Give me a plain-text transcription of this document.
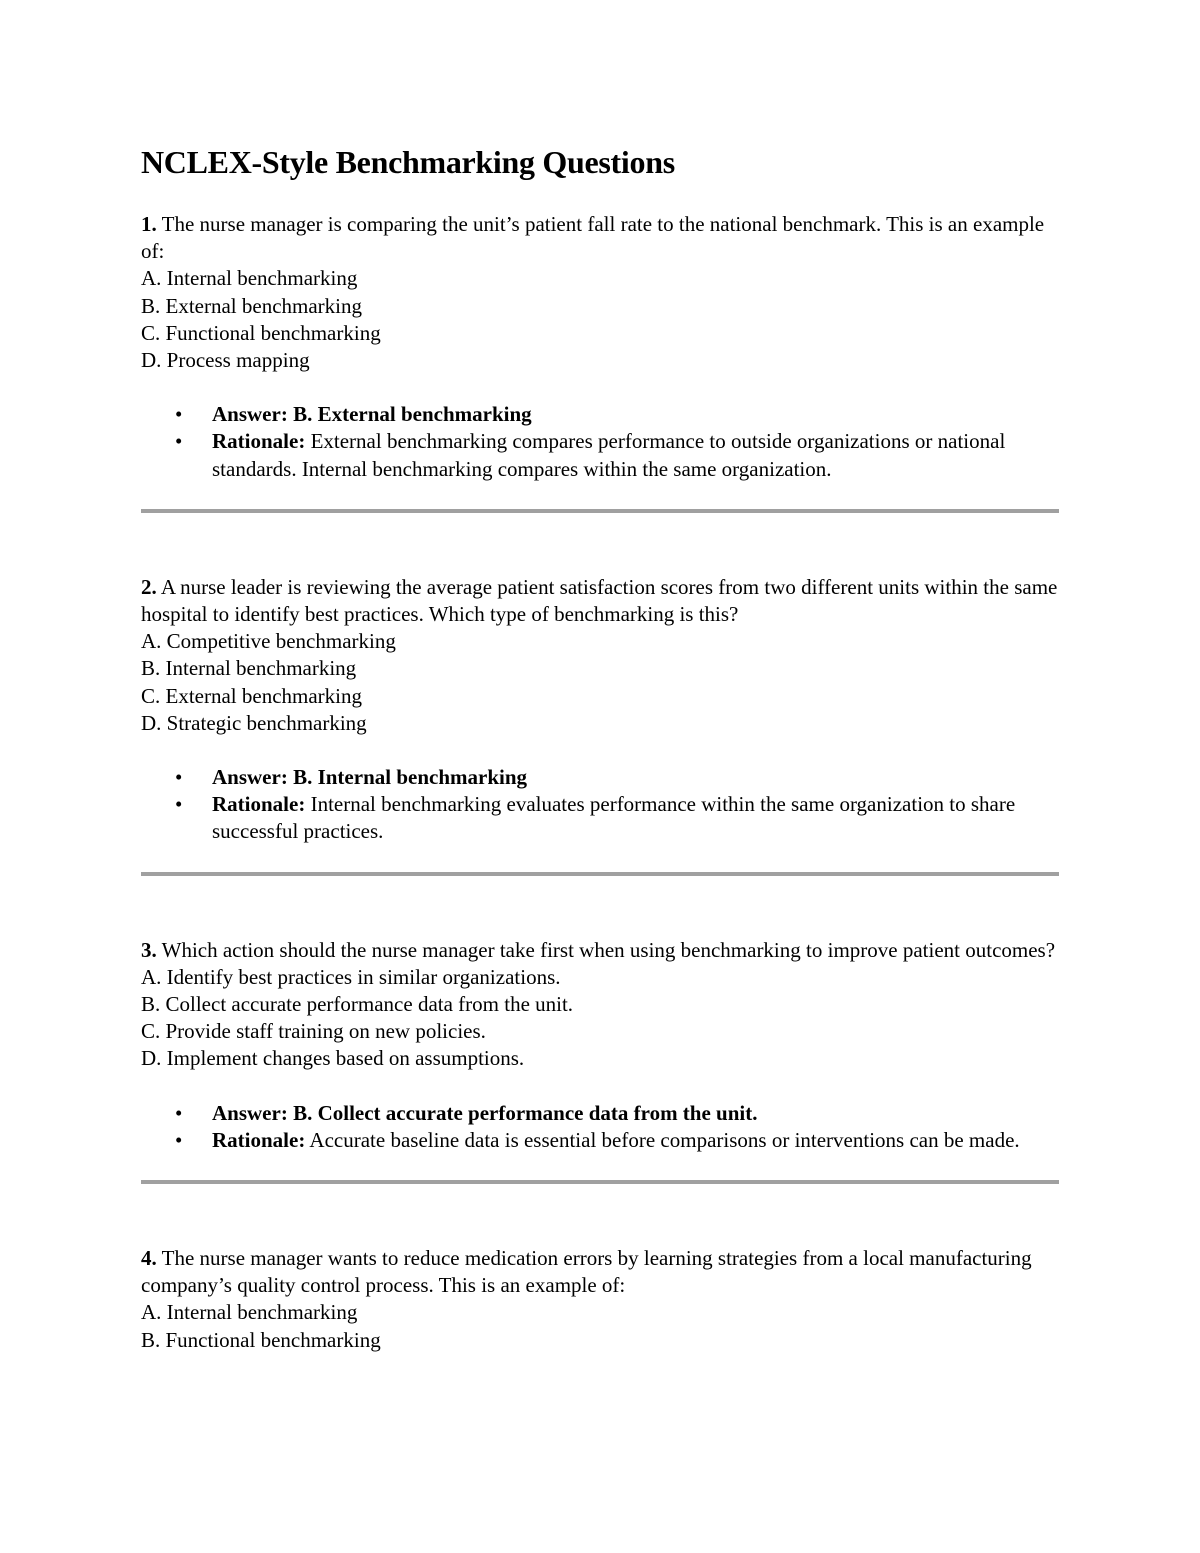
NCLEX-Style Benchmarking Questions

1. The nurse manager is comparing the unit’s patient fall rate to the national benchmark. This is an example of:

A. Internal benchmarking
B. External benchmarking
C. Functional benchmarking
D. Process mapping
• Answer: B. External benchmarking
• Rationale: External benchmarking compares performance to outside organizations or national standards. Internal benchmarking compares within the same organization.

2. A nurse leader is reviewing the average patient satisfaction scores from two different units within the same hospital to identify best practices. Which type of benchmarking is this?

A. Competitive benchmarking
B. Internal benchmarking
C. External benchmarking
D. Strategic benchmarking
• Answer: B. Internal benchmarking
• Rationale: Internal benchmarking evaluates performance within the same organization to share successful practices.

3. Which action should the nurse manager take first when using benchmarking to improve patient outcomes?

A. Identify best practices in similar organizations.
B. Collect accurate performance data from the unit.
C. Provide staff training on new policies.
D. Implement changes based on assumptions.
• Answer: B. Collect accurate performance data from the unit.
• Rationale: Accurate baseline data is essential before comparisons or interventions can be made.

4. The nurse manager wants to reduce medication errors by learning strategies from a local manufacturing company’s quality control process. This is an example of:

A. Internal benchmarking
B. Functional benchmarking
